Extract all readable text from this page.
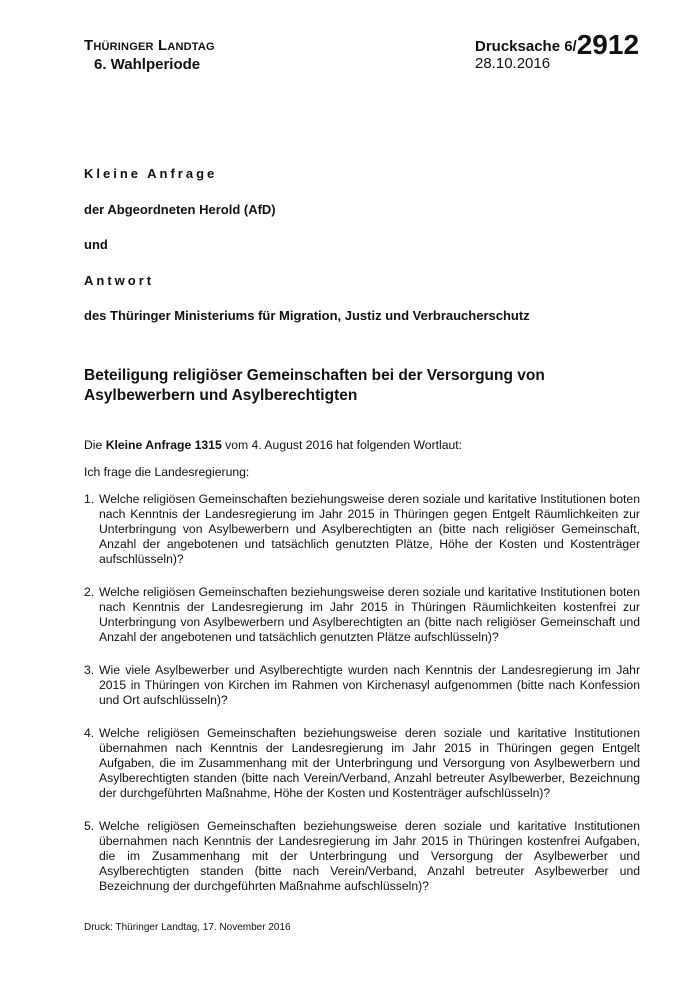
Thüringer Landtag
6. Wahlperiode
Drucksache 6/ 2912
28.10.2016
Kleine Anfrage
der Abgeordneten Herold (AfD)
und
Antwort
des Thüringer Ministeriums für Migration, Justiz und Verbraucherschutz
Beteiligung religiöser Gemeinschaften bei der Versorgung von Asylbewerbern und Asylberechtigten
Die Kleine Anfrage 1315 vom 4. August 2016 hat folgenden Wortlaut:
Ich frage die Landesregierung:
1. Welche religiösen Gemeinschaften beziehungsweise deren soziale und karitative Institutionen boten nach Kenntnis der Landesregierung im Jahr 2015 in Thüringen gegen Entgelt Räumlichkeiten zur Unterbringung von Asylbewerbern und Asylberechtigten an (bitte nach religiöser Gemeinschaft, Anzahl der angebotenen und tatsächlich genutzten Plätze, Höhe der Kosten und Kostenträger aufschlüsseln)?
2. Welche religiösen Gemeinschaften beziehungsweise deren soziale und karitative Institutionen boten nach Kenntnis der Landesregierung im Jahr 2015 in Thüringen Räumlichkeiten kostenfrei zur Unterbringung von Asylbewerbern und Asylberechtigten an (bitte nach religiöser Gemeinschaft und Anzahl der angebotenen und tatsächlich genutzten Plätze aufschlüsseln)?
3. Wie viele Asylbewerber und Asylberechtigte wurden nach Kenntnis der Landesregierung im Jahr 2015 in Thüringen von Kirchen im Rahmen von Kirchenasyl aufgenommen (bitte nach Konfession und Ort aufschlüsseln)?
4. Welche religiösen Gemeinschaften beziehungsweise deren soziale und karitative Institutionen übernahmen nach Kenntnis der Landesregierung im Jahr 2015 in Thüringen gegen Entgelt Aufgaben, die im Zusammenhang mit der Unterbringung und Versorgung von Asylbewerbern und Asylberechtigten standen (bitte nach Verein/Verband, Anzahl betreuter Asylbewerber, Bezeichnung der durchgeführten Maßnahme, Höhe der Kosten und Kostenträger aufschlüsseln)?
5. Welche religiösen Gemeinschaften beziehungsweise deren soziale und karitative Institutionen übernahmen nach Kenntnis der Landesregierung im Jahr 2015 in Thüringen kostenfrei Aufgaben, die im Zusammenhang mit der Unterbringung und Versorgung der Asylbewerber und Asylberechtigten standen (bitte nach Verein/Verband, Anzahl betreuter Asylbewerber und Bezeichnung der durchgeführten Maßnahme aufschlüsseln)?
Druck: Thüringer Landtag, 17. November 2016
